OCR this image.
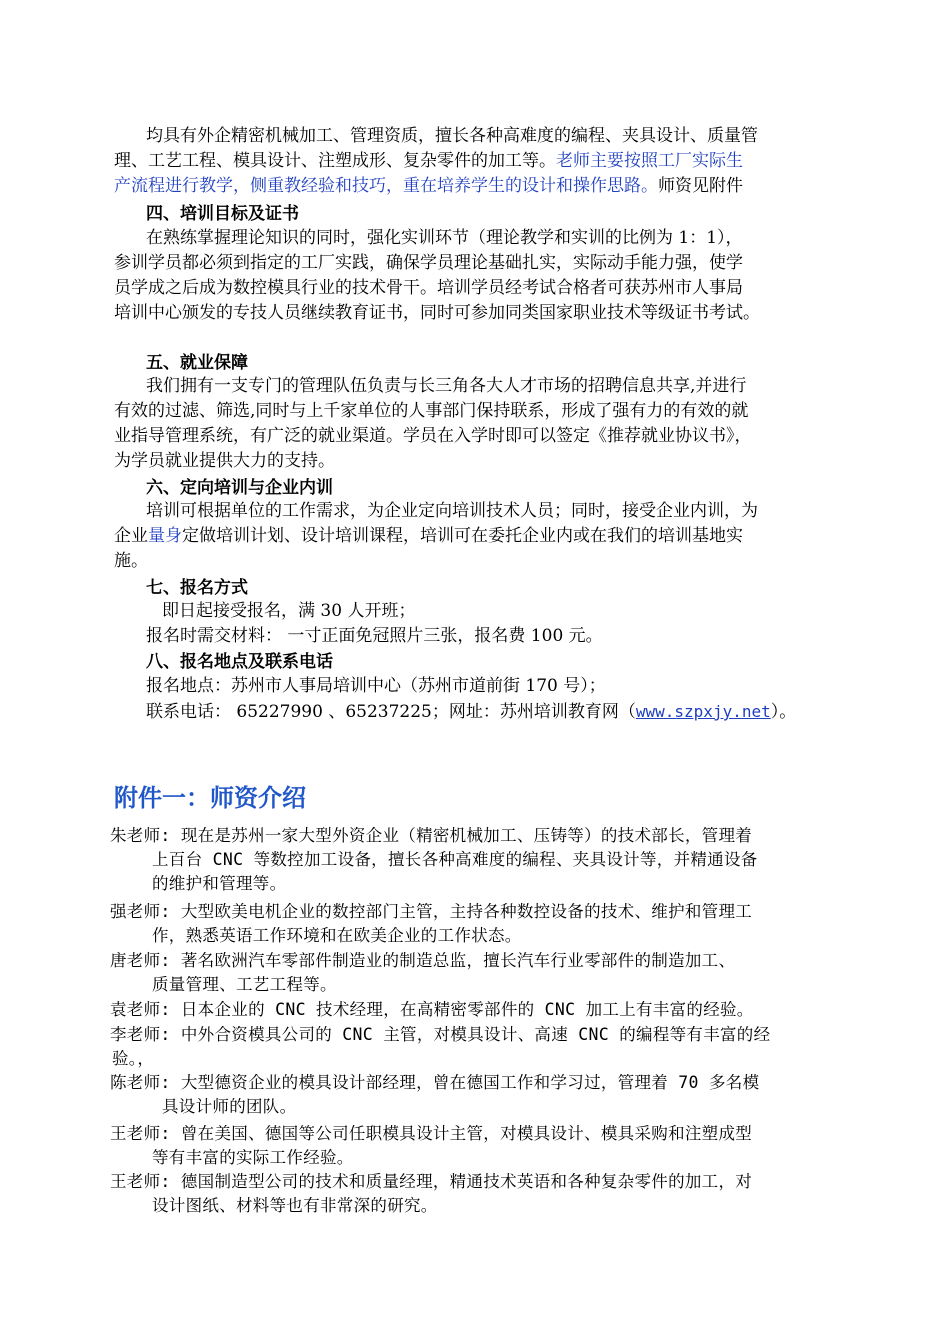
均具有外企精密机械加工、管理资质，擅长各种高难度的编程、夹具设计、质量管
理、工艺工程、模具设计、注塑成形、复杂零件的加工等。老师主要按照工厂实际生
产流程进行教学，侧重教经验和技巧，重在培养学生的设计和操作思路。师资见附件
四、培训目标及证书
在熟练掌握理论知识的同时，强化实训环节（理论教学和实训的比例为 1：1），
参训学员都必须到指定的工厂实践，确保学员理论基础扎实，实际动手能力强，使学
员学成之后成为数控模具行业的技术骨干。培训学员经考试合格者可获苏州市人事局
培训中心颁发的专技人员继续教育证书，同时可参加同类国家职业技术等级证书考试。
五、就业保障
我们拥有一支专门的管理队伍负责与长三角各大人才市场的招聘信息共享,并进行
有效的过滤、筛选,同时与上千家单位的人事部门保持联系，形成了强有力的有效的就
业指导管理系统，有广泛的就业渠道。学员在入学时即可以签定《推荐就业协议书》，
为学员就业提供大力的支持。
六、定向培训与企业内训
培训可根据单位的工作需求，为企业定向培训技术人员；同时，接受企业内训，为
企业量身定做培训计划、设计培训课程，培训可在委托企业内或在我们的培训基地实
施。
七、报名方式
即日起接受报名，满 30 人开班；
报名时需交材料： 一寸正面免冠照片三张，报名费 100 元。
八、报名地点及联系电话
报名地点：苏州市人事局培训中心（苏州市道前街 170 号）；
联系电话： 65227990 、65237225；网址：苏州培训教育网（www.szpxjy.net）。
附件一：师资介绍
朱老师: 现在是苏州一家大型外资企业（精密机械加工、压铸等）的技术部长，管理着
上百台 CNC 等数控加工设备，擅长各种高难度的编程、夹具设计等，并精通设备
的维护和管理等。
强老师: 大型欧美电机企业的数控部门主管，主持各种数控设备的技术、维护和管理工
作，熟悉英语工作环境和在欧美企业的工作状态。
唐老师: 著名欧洲汽车零部件制造业的制造总监，擅长汽车行业零部件的制造加工、
质量管理、工艺工程等。
袁老师: 日本企业的 CNC 技术经理，在高精密零部件的 CNC 加工上有丰富的经验。
李老师: 中外合资模具公司的 CNC 主管，对模具设计、高速 CNC 的编程等有丰富的经
验。，
陈老师: 大型德资企业的模具设计部经理，曾在德国工作和学习过，管理着 70 多名模
具设计师的团队。
王老师: 曾在美国、德国等公司任职模具设计主管，对模具设计、模具采购和注塑成型
等有丰富的实际工作经验。
王老师: 德国制造型公司的技术和质量经理，精通技术英语和各种复杂零件的加工，对
设计图纸、材料等也有非常深的研究。
